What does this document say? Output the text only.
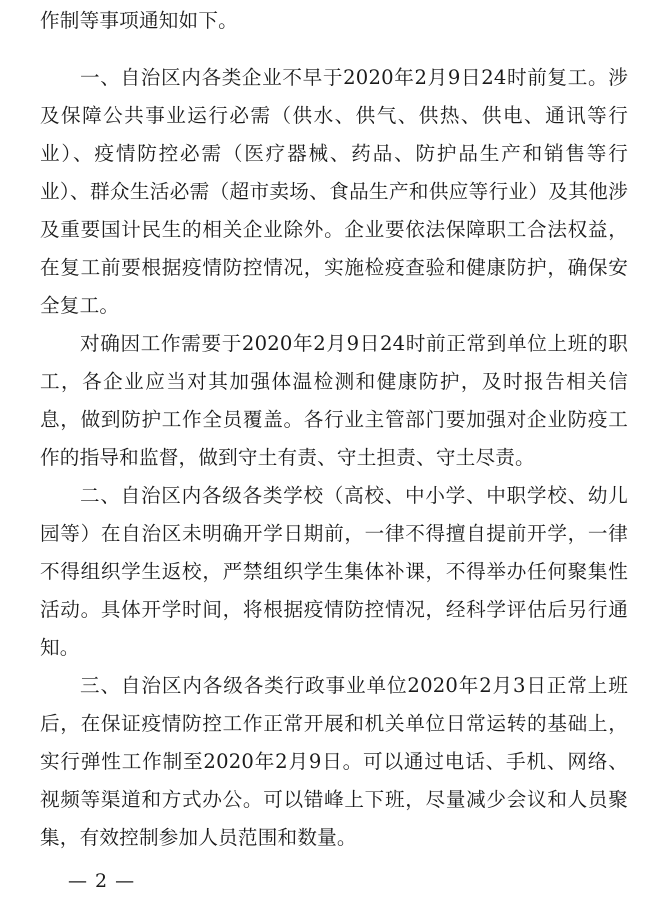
作制等事项通知如下。

一、自治区内各类企业不早于2020年2月9日24时前复工。涉及保障公共事业运行必需（供水、供气、供热、供电、通讯等行业）、疫情防控必需（医疗器械、药品、防护品生产和销售等行业）、群众生活必需（超市卖场、食品生产和供应等行业）及其他涉及重要国计民生的相关企业除外。企业要依法保障职工合法权益，在复工前要根据疫情防控情况，实施检疫查验和健康防护，确保安全复工。

对确因工作需要于2020年2月9日24时前正常到单位上班的职工，各企业应当对其加强体温检测和健康防护，及时报告相关信息，做到防护工作全员覆盖。各行业主管部门要加强对企业防疫工作的指导和监督，做到守土有责、守土担责、守土尽责。

二、自治区内各级各类学校（高校、中小学、中职学校、幼儿园等）在自治区未明确开学日期前，一律不得擅自提前开学，一律不得组织学生返校，严禁组织学生集体补课，不得举办任何聚集性活动。具体开学时间，将根据疫情防控情况，经科学评估后另行通知。

三、自治区内各级各类行政事业单位2020年2月3日正常上班后，在保证疫情防控工作正常开展和机关单位日常运转的基础上，实行弹性工作制至2020年2月9日。可以通过电话、手机、网络、视频等渠道和方式办公。可以错峰上下班，尽量减少会议和人员聚集，有效控制参加人员范围和数量。

— 2 —
